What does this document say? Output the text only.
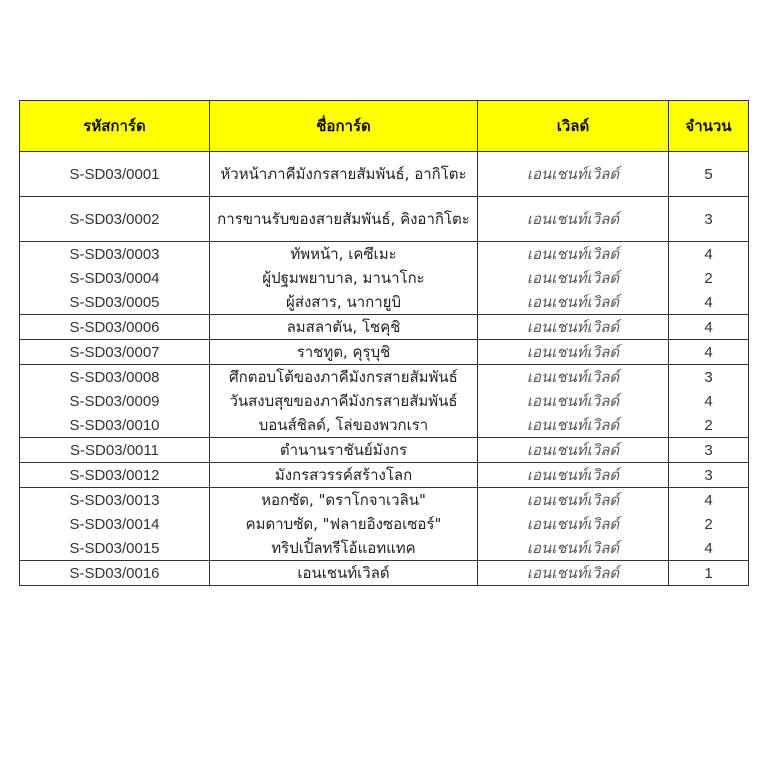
รหัสการ์ด	ชื่อการ์ด	เวิลด์	จำนวน
S-SD03/0001	หัวหน้าภาคีมังกรสายสัมพันธ์, อากิโตะ	เอนเชนท์เวิลด์	5
S-SD03/0002	การขานรับของสายสัมพันธ์, คิงอากิโตะ	เอนเชนท์เวิลด์	3
S-SD03/0003	ทัพหน้า, เคซึเมะ	เอนเชนท์เวิลด์	4
S-SD03/0004	ผู้ปฐมพยาบาล, มานาโกะ	เอนเชนท์เวิลด์	2
S-SD03/0005	ผู้ส่งสาร, นากายูบิ	เอนเชนท์เวิลด์	4
S-SD03/0006	ลมสลาตัน, โชคุชิ	เอนเชนท์เวิลด์	4
S-SD03/0007	ราชทูต, คุรุบุชิ	เอนเชนท์เวิลด์	4
S-SD03/0008	ศึกตอบโต้ของภาคีมังกรสายสัมพันธ์	เอนเชนท์เวิลด์	3
S-SD03/0009	วันสงบสุขของภาคีมังกรสายสัมพันธ์	เอนเชนท์เวิลด์	4
S-SD03/0010	บอนส์ชิลด์, โล่ของพวกเรา	เอนเชนท์เวิลด์	2
S-SD03/0011	ตำนานราชันย์มังกร	เอนเชนท์เวิลด์	3
S-SD03/0012	มังกรสวรรค์สร้างโลก	เอนเชนท์เวิลด์	3
S-SD03/0013	หอกซัด, "ดราโกจาเวลิน"	เอนเชนท์เวิลด์	4
S-SD03/0014	คมดาบซัด, "ฟลายอิงซอเซอร์"	เอนเชนท์เวิลด์	2
S-SD03/0015	ทริปเปิ้ลทรีโอ้แอทแทค	เอนเชนท์เวิลด์	4
S-SD03/0016	เอนเชนท์เวิลด์	เอนเชนท์เวิลด์	1
